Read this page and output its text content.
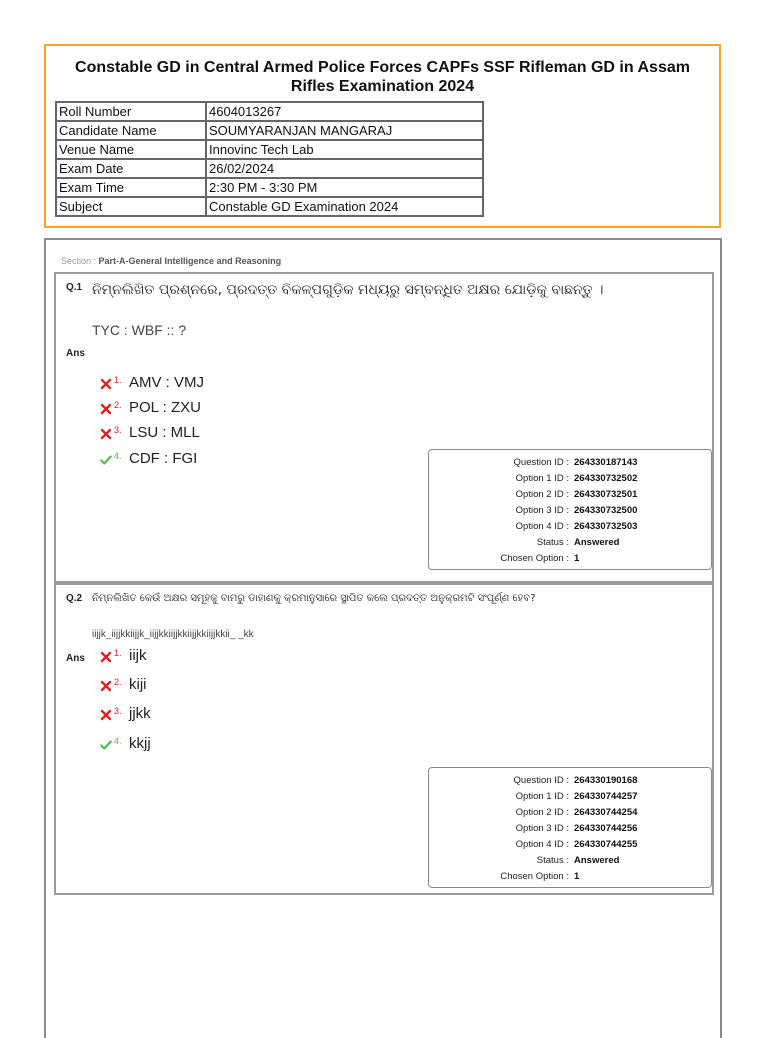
Constable GD in Central Armed Police Forces CAPFs SSF Rifleman GD in Assam Rifles Examination 2024
Roll Number	4604013267
Candidate Name	SOUMYARANJAN MANGARAJ
Venue Name	Innovinc Tech Lab
Exam Date	26/02/2024
Exam Time	2:30 PM - 3:30 PM
Subject	Constable GD Examination 2024
Section : Part-A-General Intelligence and Reasoning
Q.1 ନିମ୍ନଲିଖିତ ପ୍ରଶ୍ନରେ, ପ୍ରଦତ୍ତ ବିକଳ୍ପଗୁଡ଼ିକ ମଧ୍ୟରୁ ସମ୍ବନ୍ଧିତ ଅକ୍ଷର ଯୋଡ଼ିକୁ ବାଛନ୍ତୁ ।
TYC : WBF :: ?
Ans
1. AMV : VMJ
2. POL : ZXU
3. LSU : MLL
4. CDF : FGI	Question ID : 264330187143
Option 1 ID : 264330732502
Option 2 ID : 264330732501
Option 3 ID : 264330732500
Option 4 ID : 264330732503
Status : Answered
Chosen Option : 1
Q.2 ନିମ୍ନଲିଖିତ କେଉଁ ଅକ୍ଷର ସମୂହକୁ ବାମରୁ ଡାହାଣକୁ କ୍ରମାନୁସାରେ ସ୍ଥାପିତ କଲେ ପ୍ରଦତ୍ତ ଅନୁକ୍ରମଟି ସଂପୂର୍ଣ୍ଣ ହେବ?
iijjk_iijjkkiijjk_iijjkkiijjkkiijjkkiijjkkii_ _kk
Ans	1. iijk
2. kiji
3. jjkk
4. kkjj
Question ID : 264330190168
Option 1 ID : 264330744257
Option 2 ID : 264330744254
Option 3 ID : 264330744256
Option 4 ID : 264330744255
Status : Answered
Chosen Option : 1
